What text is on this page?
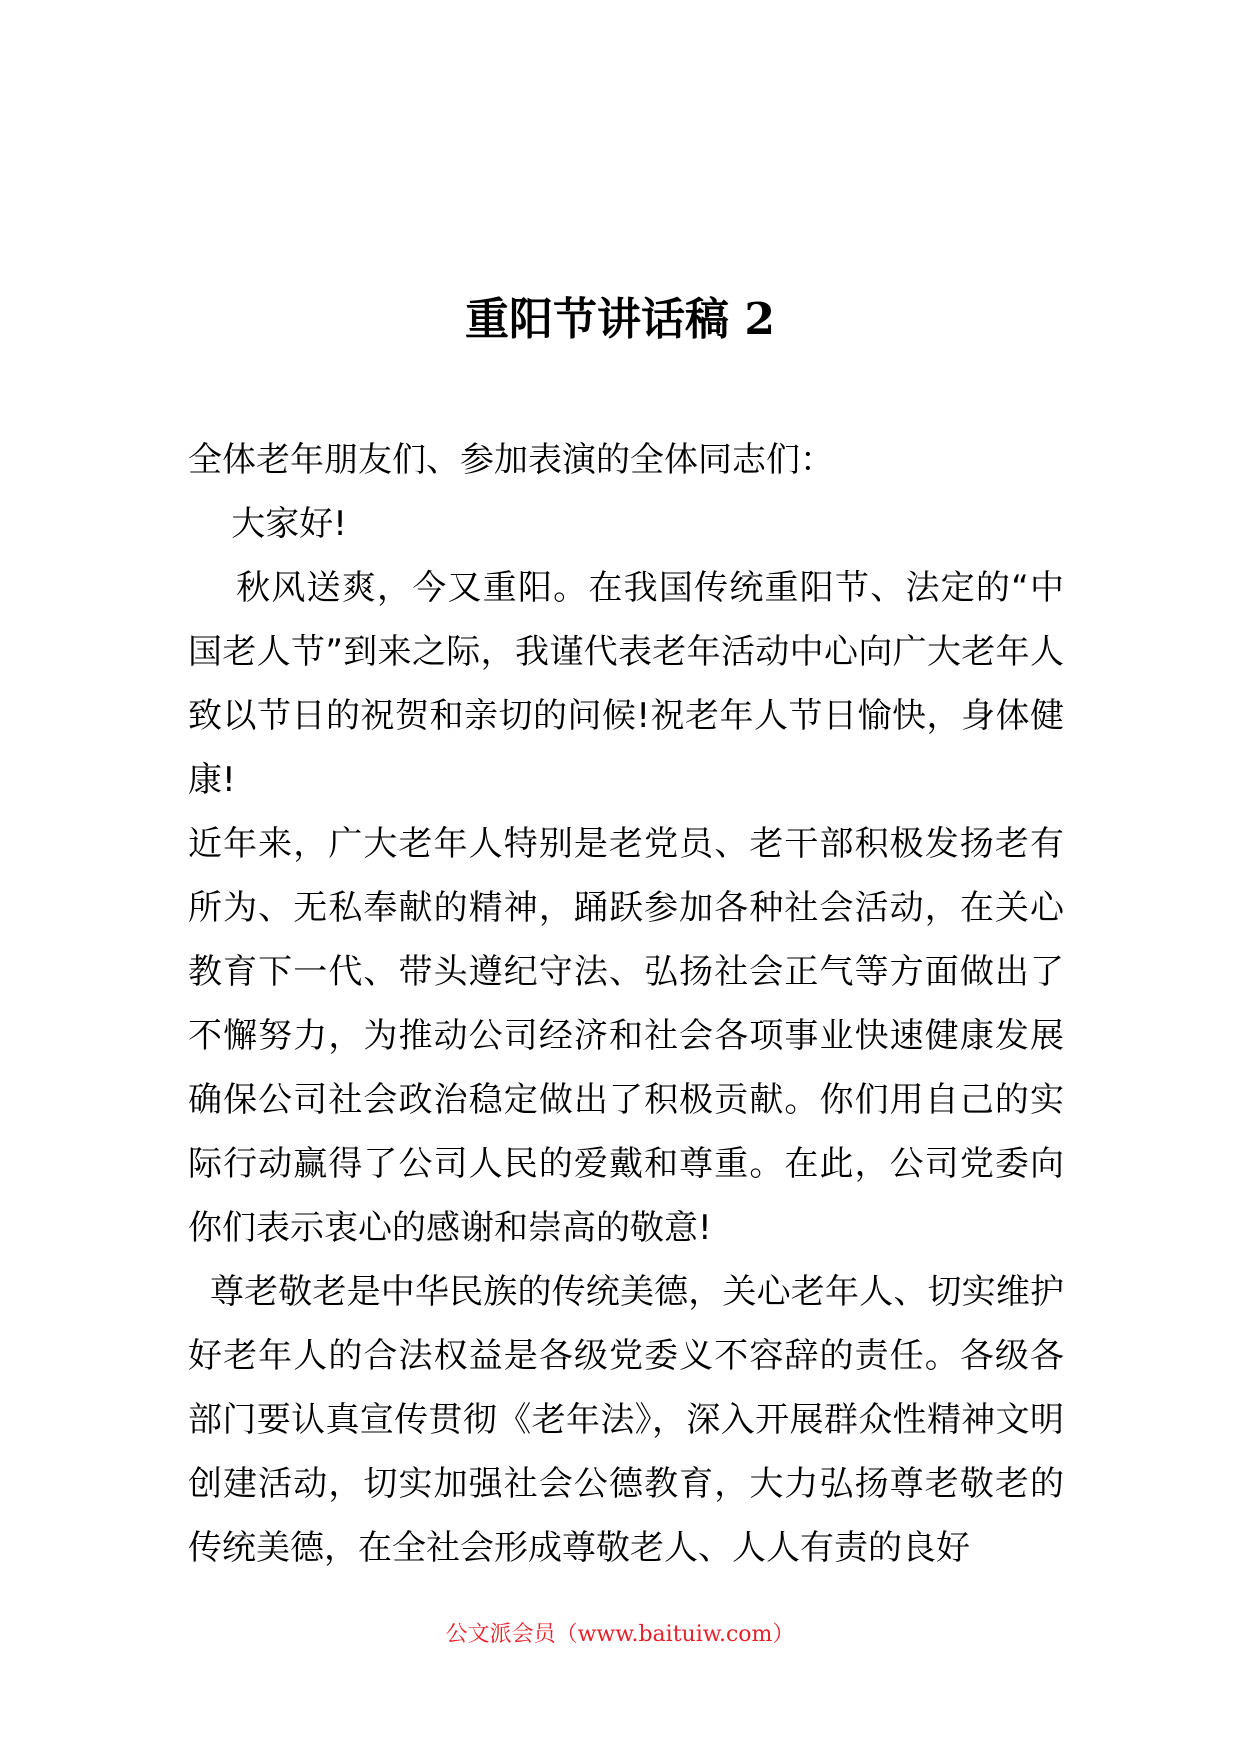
重阳节讲话稿 2

全体老年朋友们、参加表演的全体同志们：

大家好!

秋风送爽，今又重阳。在我国传统重阳节、法定的“中国老人节”到来之际，我谨代表老年活动中心向广大老年人致以节日的祝贺和亲切的问候!祝老年人节日愉快，身体健康!

近年来，广大老年人特别是老党员、老干部积极发扬老有所为、无私奉献的精神，踊跃参加各种社会活动，在关心教育下一代、带头遵纪守法、弘扬社会正气等方面做出了不懈努力，为推动公司经济和社会各项事业快速健康发展确保公司社会政治稳定做出了积极贡献。你们用自己的实际行动赢得了公司人民的爱戴和尊重。在此，公司党委向你们表示衷心的感谢和崇高的敬意!

尊老敬老是中华民族的传统美德，关心老年人、切实维护好老年人的合法权益是各级党委义不容辞的责任。各级各部门要认真宣传贯彻《老年法》，深入开展群众性精神文明创建活动，切实加强社会公德教育，大力弘扬尊老敬老的传统美德，在全社会形成尊敬老人、人人有责的良好

公文派会员（www.baituiw.com）
